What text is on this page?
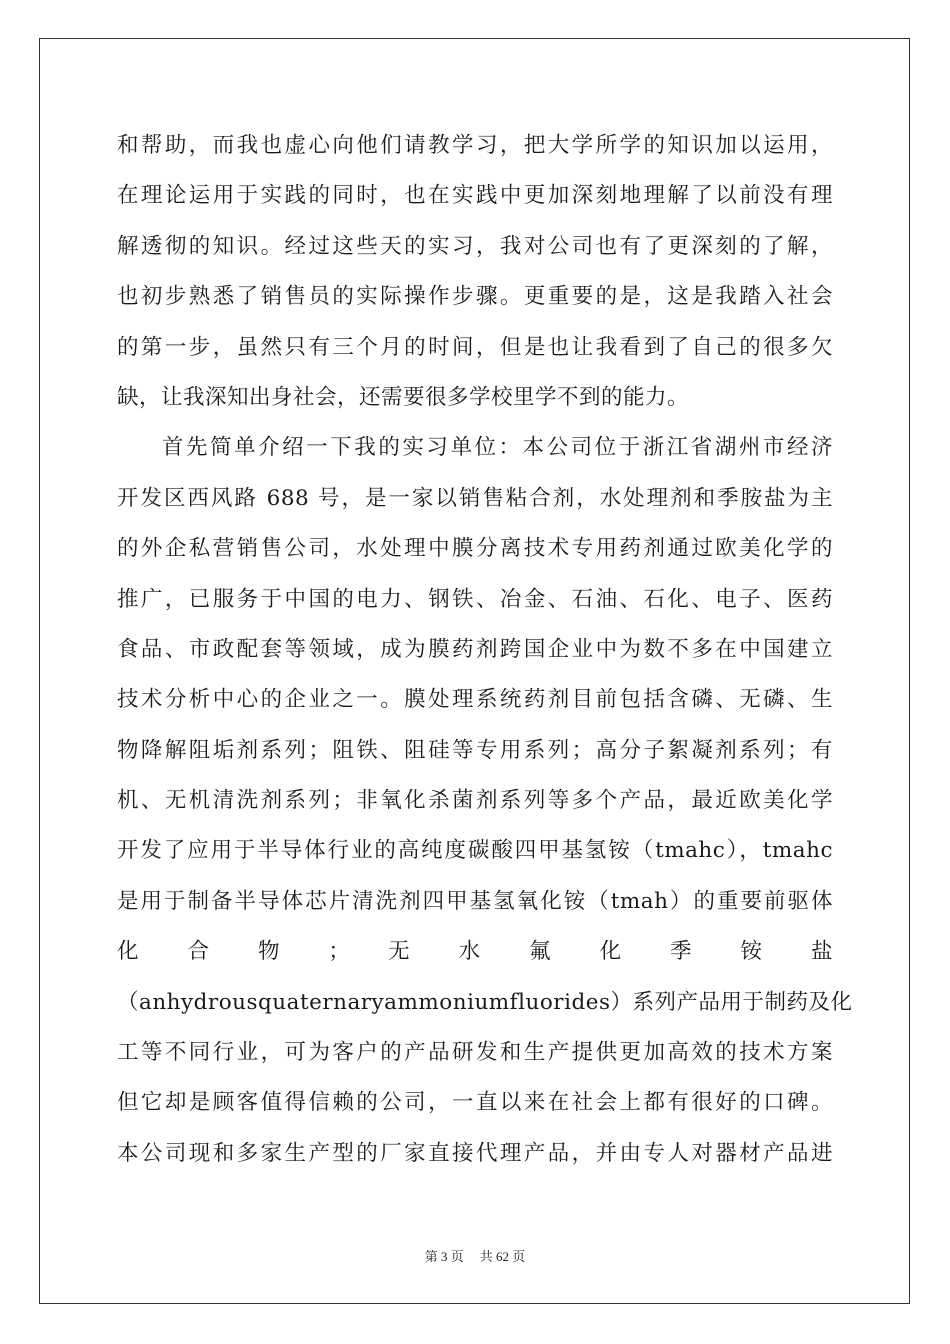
和帮助，而我也虚心向他们请教学习，把大学所学的知识加以运用，
在理论运用于实践的同时，也在实践中更加深刻地理解了以前没有理
解透彻的知识。经过这些天的实习，我对公司也有了更深刻的了解，
也初步熟悉了销售员的实际操作步骤。更重要的是，这是我踏入社会
的第一步，虽然只有三个月的时间，但是也让我看到了自己的很多欠
缺，让我深知出身社会，还需要很多学校里学不到的能力。
首先简单介绍一下我的实习单位：本公司位于浙江省湖州市经济
开发区西风路 688 号，是一家以销售粘合剂，水处理剂和季胺盐为主
的外企私营销售公司，水处理中膜分离技术专用药剂通过欧美化学的
推广，已服务于中国的电力、钢铁、冶金、石油、石化、电子、医药
食品、市政配套等领域，成为膜药剂跨国企业中为数不多在中国建立
技术分析中心的企业之一。膜处理系统药剂目前包括含磷、无磷、生
物降解阻垢剂系列；阻铁、阻硅等专用系列；高分子絮凝剂系列；有
机、无机清洗剂系列；非氧化杀菌剂系列等多个产品，最近欧美化学
开发了应用于半导体行业的高纯度碳酸四甲基氢铵（tmahc），tmahc
是用于制备半导体芯片清洗剂四甲基氢氧化铵（tmah）的重要前驱体
化　合　物　；　无　水　氟　化　季　铵　盐
（anhydrousquaternaryammoniumfluorides）系列产品用于制药及化
工等不同行业，可为客户的产品研发和生产提供更加高效的技术方案
但它却是顾客值得信赖的公司，一直以来在社会上都有很好的口碑。
本公司现和多家生产型的厂家直接代理产品，并由专人对器材产品进
第 3 页 共 62 页
